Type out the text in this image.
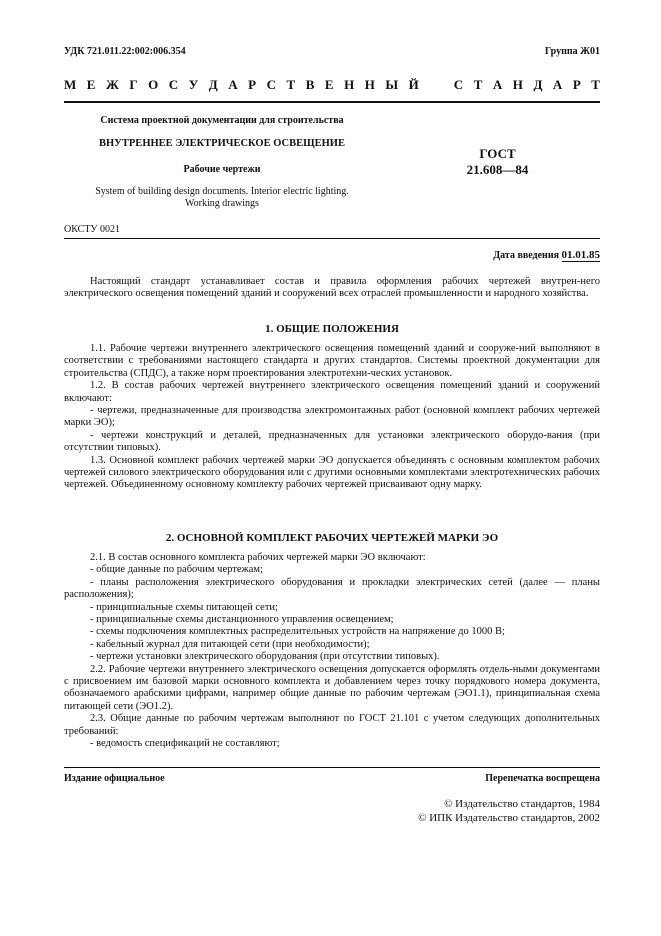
УДК 721.011.22:002:006.354	Группа Ж01
М Е Ж Г О С У Д А Р С Т В Е Н Н Ы Й	С Т А Н Д А Р Т
Система проектной документации для строительства
ВНУТРЕННЕЕ ЭЛЕКТРИЧЕСКОЕ ОСВЕЩЕНИЕ
Рабочие чертежи
System of building design documents. Interior electric lighting.
Working drawings
ГОСТ
21.608—84
ОКСТУ 0021
Дата введения 01.01.85

Настоящий стандарт устанавливает состав и правила оформления рабочих чертежей внутрен-него электрического освещения помещений зданий и сооружений всех отраслей промышленности и народного хозяйства.

1. ОБЩИЕ ПОЛОЖЕНИЯ

1.1. Рабочие чертежи внутреннего электрического освещения помещений зданий и сооруже-ний выполняют в соответствии с требованиями настоящего стандарта и других стандартов. Системы проектной документации для строительства (СПДС), а также норм проектирования электротехни-ческих установок.

1.2. В состав рабочих чертежей внутреннего электрического освещения помещений зданий и сооружений включают:

- чертежи, предназначенные для производства электромонтажных работ (основной комплект рабочих чертежей марки ЭО);

- чертежи конструкций и деталей, предназначенных для установки электрического оборудо-вания (при отсутствии типовых).

1.3. Основной комплект рабочих чертежей марки ЭО допускается объединять с основным комплектом рабочих чертежей силового электрического оборудования или с другими основными комплектами электротехнических рабочих чертежей. Объединенному основному комплекту рабочих чертежей присваивают одну марку.

2. ОСНОВНОЙ КОМПЛЕКТ РАБОЧИХ ЧЕРТЕЖЕЙ МАРКИ ЭО

2.1. В состав основного комплекта рабочих чертежей марки ЭО включают:

- общие данные по рабочим чертежам;

- планы расположения электрического оборудования и прокладки электрических сетей (далее — планы расположения);

- принципиальные схемы питающей сети;

- принципиальные схемы дистанционного управления освещением;

- схемы подключения комплектных распределительных устройств на напряжение до 1000 В;

- кабельный журнал для питающей сети (при необходимости);

- чертежи установки электрического оборудования (при отсутствии типовых).

2.2. Рабочие чертежи внутреннего электрического освещения допускается оформлять отдель-ными документами с присвоением им базовой марки основного комплекта и добавлением через точку порядкового номера документа, обозначаемого арабскими цифрами, например общие данные по рабочим чертежам (ЭО1.1), принципиальная схема питающей сети (ЭО1.2).

2.3. Общие данные по рабочим чертежам выполняют по ГОСТ 21.101 с учетом следующих дополнительных требований:

- ведомость спецификаций не составляют;

Издание официальное	Перепечатка воспрещена
© Издательство стандартов, 1984
© ИПК Издательство стандартов, 2002
